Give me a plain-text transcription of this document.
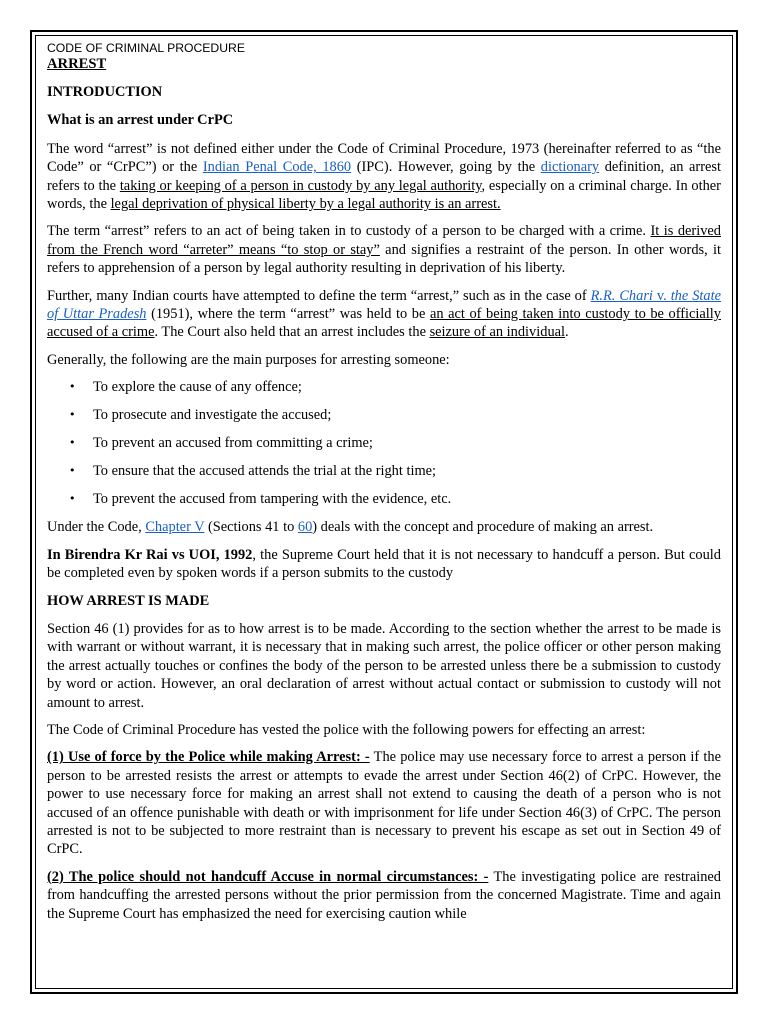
CODE OF CRIMINAL PROCEDURE

ARREST
INTRODUCTION
What is an arrest under CrPC

The word “arrest” is not defined either under the Code of Criminal Procedure, 1973 (hereinafter referred to as “the Code” or “CrPC”) or the Indian Penal Code, 1860 (IPC). However, going by the dictionary definition, an arrest refers to the taking or keeping of a person in custody by any legal authority, especially on a criminal charge. In other words, the legal deprivation of physical liberty by a legal authority is an arrest.

The term “arrest” refers to an act of being taken in to custody of a person to be charged with a crime. It is derived from the French word “arreter” means “to stop or stay” and signifies a restraint of the person. In other words, it refers to apprehension of a person by legal authority resulting in deprivation of his liberty.

Further, many Indian courts have attempted to define the term “arrest,” such as in the case of R.R. Chari v. the State of Uttar Pradesh (1951), where the term “arrest” was held to be an act of being taken into custody to be officially accused of a crime. The Court also held that an arrest includes the seizure of an individual.

Generally, the following are the main purposes for arresting someone:

• To explore the cause of any offence;
• To prosecute and investigate the accused;
• To prevent an accused from committing a crime;
• To ensure that the accused attends the trial at the right time;
• To prevent the accused from tampering with the evidence, etc.

Under the Code, Chapter V (Sections 41 to 60) deals with the concept and procedure of making an arrest.

In Birendra Kr Rai vs UOI, 1992, the Supreme Court held that it is not necessary to handcuff a person. But could be completed even by spoken words if a person submits to the custody

HOW ARREST IS MADE

Section 46 (1) provides for as to how arrest is to be made. According to the section whether the arrest to be made is with warrant or without warrant, it is necessary that in making such arrest, the police officer or other person making the arrest actually touches or confines the body of the person to be arrested unless there be a submission to custody by word or action. However, an oral declaration of arrest without actual contact or submission to custody will not amount to arrest.

The Code of Criminal Procedure has vested the police with the following powers for effecting an arrest:

(1) Use of force by the Police while making Arrest: - The police may use necessary force to arrest a person if the person to be arrested resists the arrest or attempts to evade the arrest under Section 46(2) of CrPC. However, the power to use necessary force for making an arrest shall not extend to causing the death of a person who is not accused of an offence punishable with death or with imprisonment for life under Section 46(3) of CrPC. The person arrested is not to be subjected to more restraint than is necessary to prevent his escape as set out in Section 49 of CrPC.

(2) The police should not handcuff Accuse in normal circumstances: - The investigating police are restrained from handcuffing the arrested persons without the prior permission from the concerned Magistrate. Time and again the Supreme Court has emphasized the need for exercising caution while
